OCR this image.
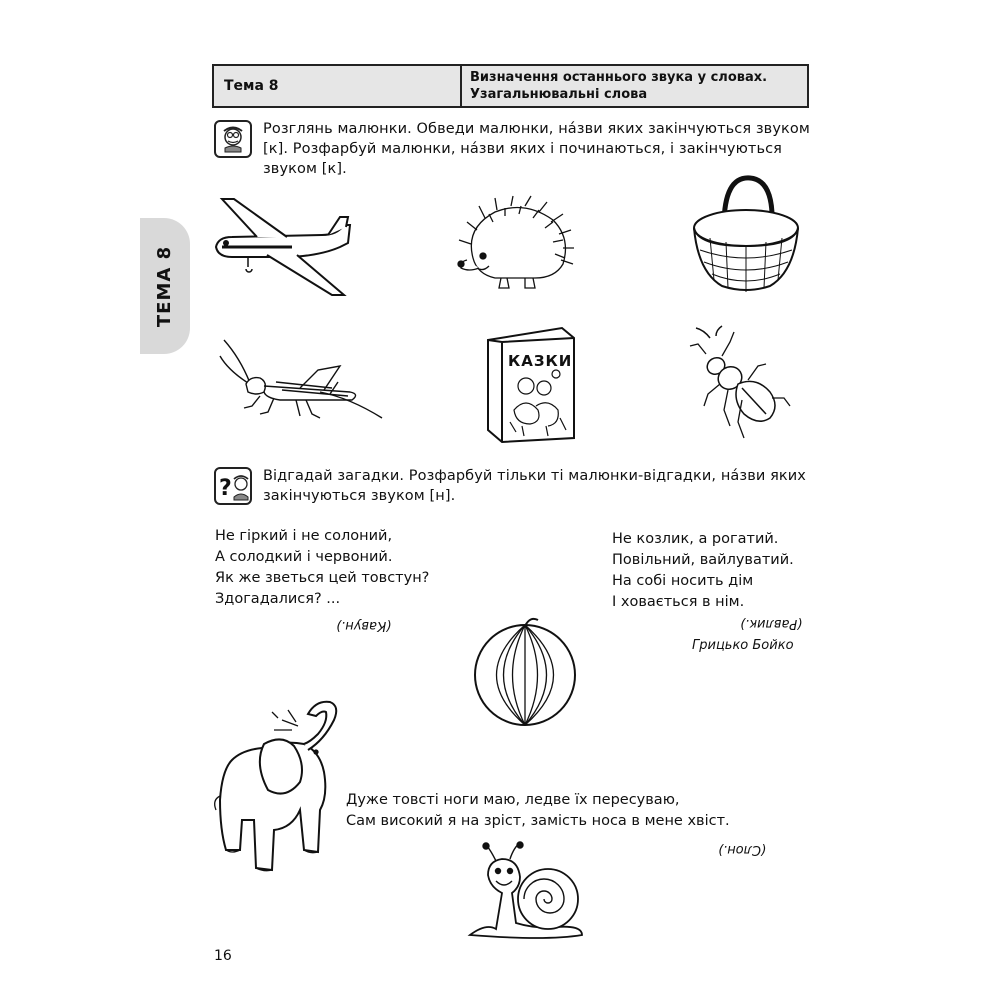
Тема 8
Визначення останнього звука у словах.
Узагальнювальні слова
ТЕМА 8
Розглянь малюнки. Обведи малюнки, на́зви яких закінчуються звуком
[к]. Розфарбуй малюнки, на́зви яких і починаються, і закінчуються
звуком [к].
КАЗКИ
? Відгадай загадки. Розфарбуй тільки ті малюнки-відгадки, на́зви яких
закінчуються звуком [н].
Не гіркий і не солоний,
А солодкий і червоний.
Як же зветься цей товстун?
Здогадалися? ...
(Кавун.)
Не козлик, а рогатий.
Повільний, вайлуватий.
На собі носить дім
І ховається в нім.
(Равлик.)
Грицько Бойко
Дуже товсті ноги маю, ледве їх пересуваю,
Сам високий я на зріст, замість носа в мене хвіст.
(Слон.)
16
